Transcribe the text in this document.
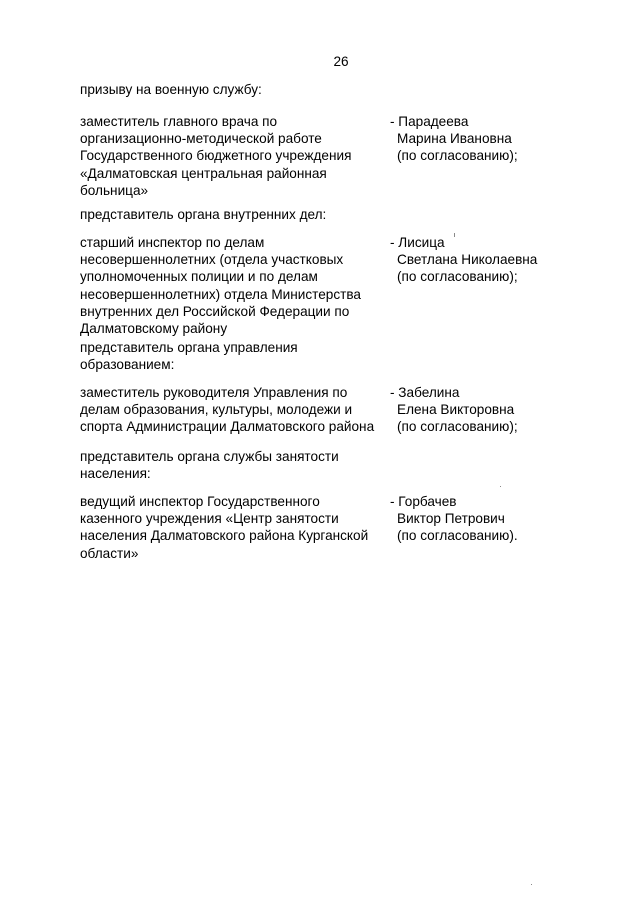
26
призыву на военную службу:
заместитель главного врача по
организационно-методической работе
Государственного бюджетного учреждения
«Далматовская центральная районная
больница»
- Парадеева
Марина Ивановна
(по согласованию);
представитель органа внутренних дел:
старший инспектор по делам
несовершеннолетних (отдела участковых
уполномоченных полиции и по делам
несовершеннолетних) отдела Министерства
внутренних дел Российской Федерации по
Далматовскому району
- Лисица
Светлана Николаевна
(по согласованию);
представитель органа управления
образованием:
заместитель руководителя Управления по
делам образования, культуры, молодежи и
спорта Администрации Далматовского района
- Забелина
Елена Викторовна
(по согласованию);
представитель органа службы занятости
населения:
ведущий инспектор Государственного
казенного учреждения «Центр занятости
населения Далматовского района Курганской
области»
- Горбачев
Виктор Петрович
(по согласованию).
